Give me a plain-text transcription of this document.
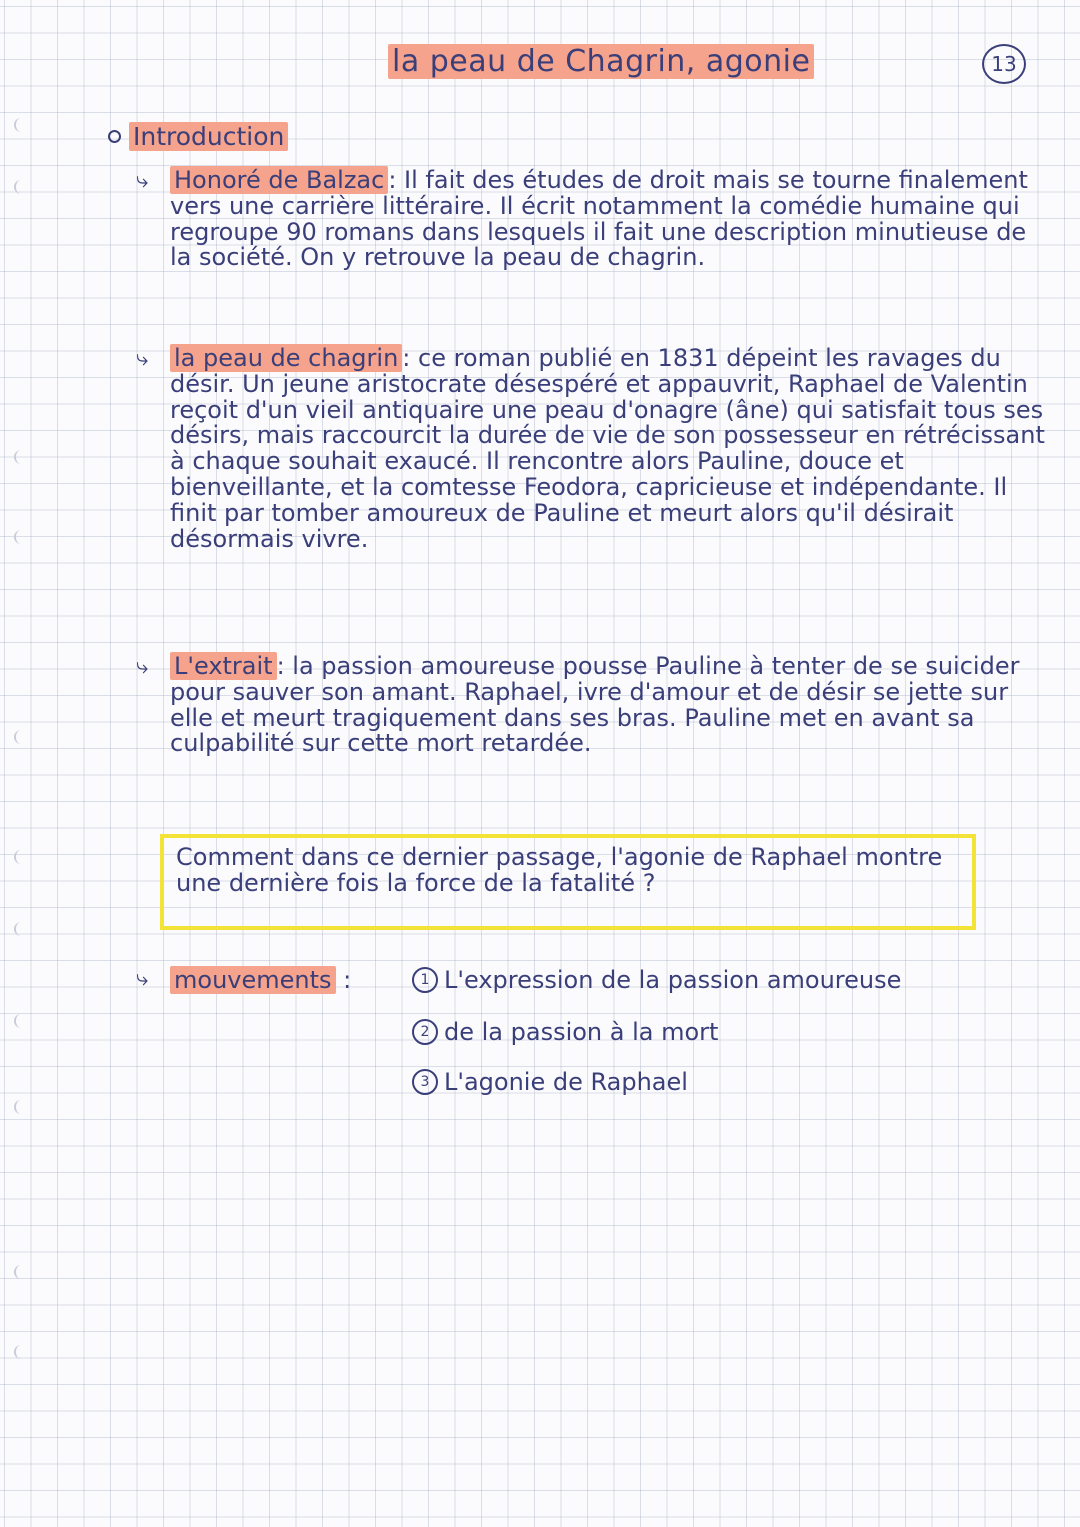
la peau de Chagrin, agonie	13
Introduction
⤷ Honoré de Balzac : Il fait des études de droit mais se tourne finalement vers une carrière littéraire. Il écrit notamment la comédie humaine qui regroupe 90 romans dans lesquels il fait une description minutieuse de la société. On y retrouve la peau de chagrin.
⤷ la peau de chagrin : ce roman publié en 1831 dépeint les ravages du désir. Un jeune aristocrate désespéré et appauvrit, Raphael de Valentin reçoit d'un vieil antiquaire une peau d'onagre (âne) qui satisfait tous ses désirs, mais raccourcit la durée de vie de son possesseur en rétrécissant à chaque souhait exaucé. Il rencontre alors Pauline, douce et bienveillante, et la comtesse Feodora, capricieuse et indépendante. Il finit par tomber amoureux de Pauline et meurt alors qu'il désirait désormais vivre.
⤷ L'extrait : la passion amoureuse pousse Pauline à tenter de se suicider pour sauver son amant. Raphael, ivre d'amour et de désir se jette sur elle et meurt tragiquement dans ses bras. Pauline met en avant sa culpabilité sur cette mort retardée.
Comment dans ce dernier passage, l'agonie de Raphael montre une dernière fois la force de la fatalité ?
⤷ mouvements :	1 L'expression de la passion amoureuse
2 de la passion à la mort
3 L'agonie de Raphael
